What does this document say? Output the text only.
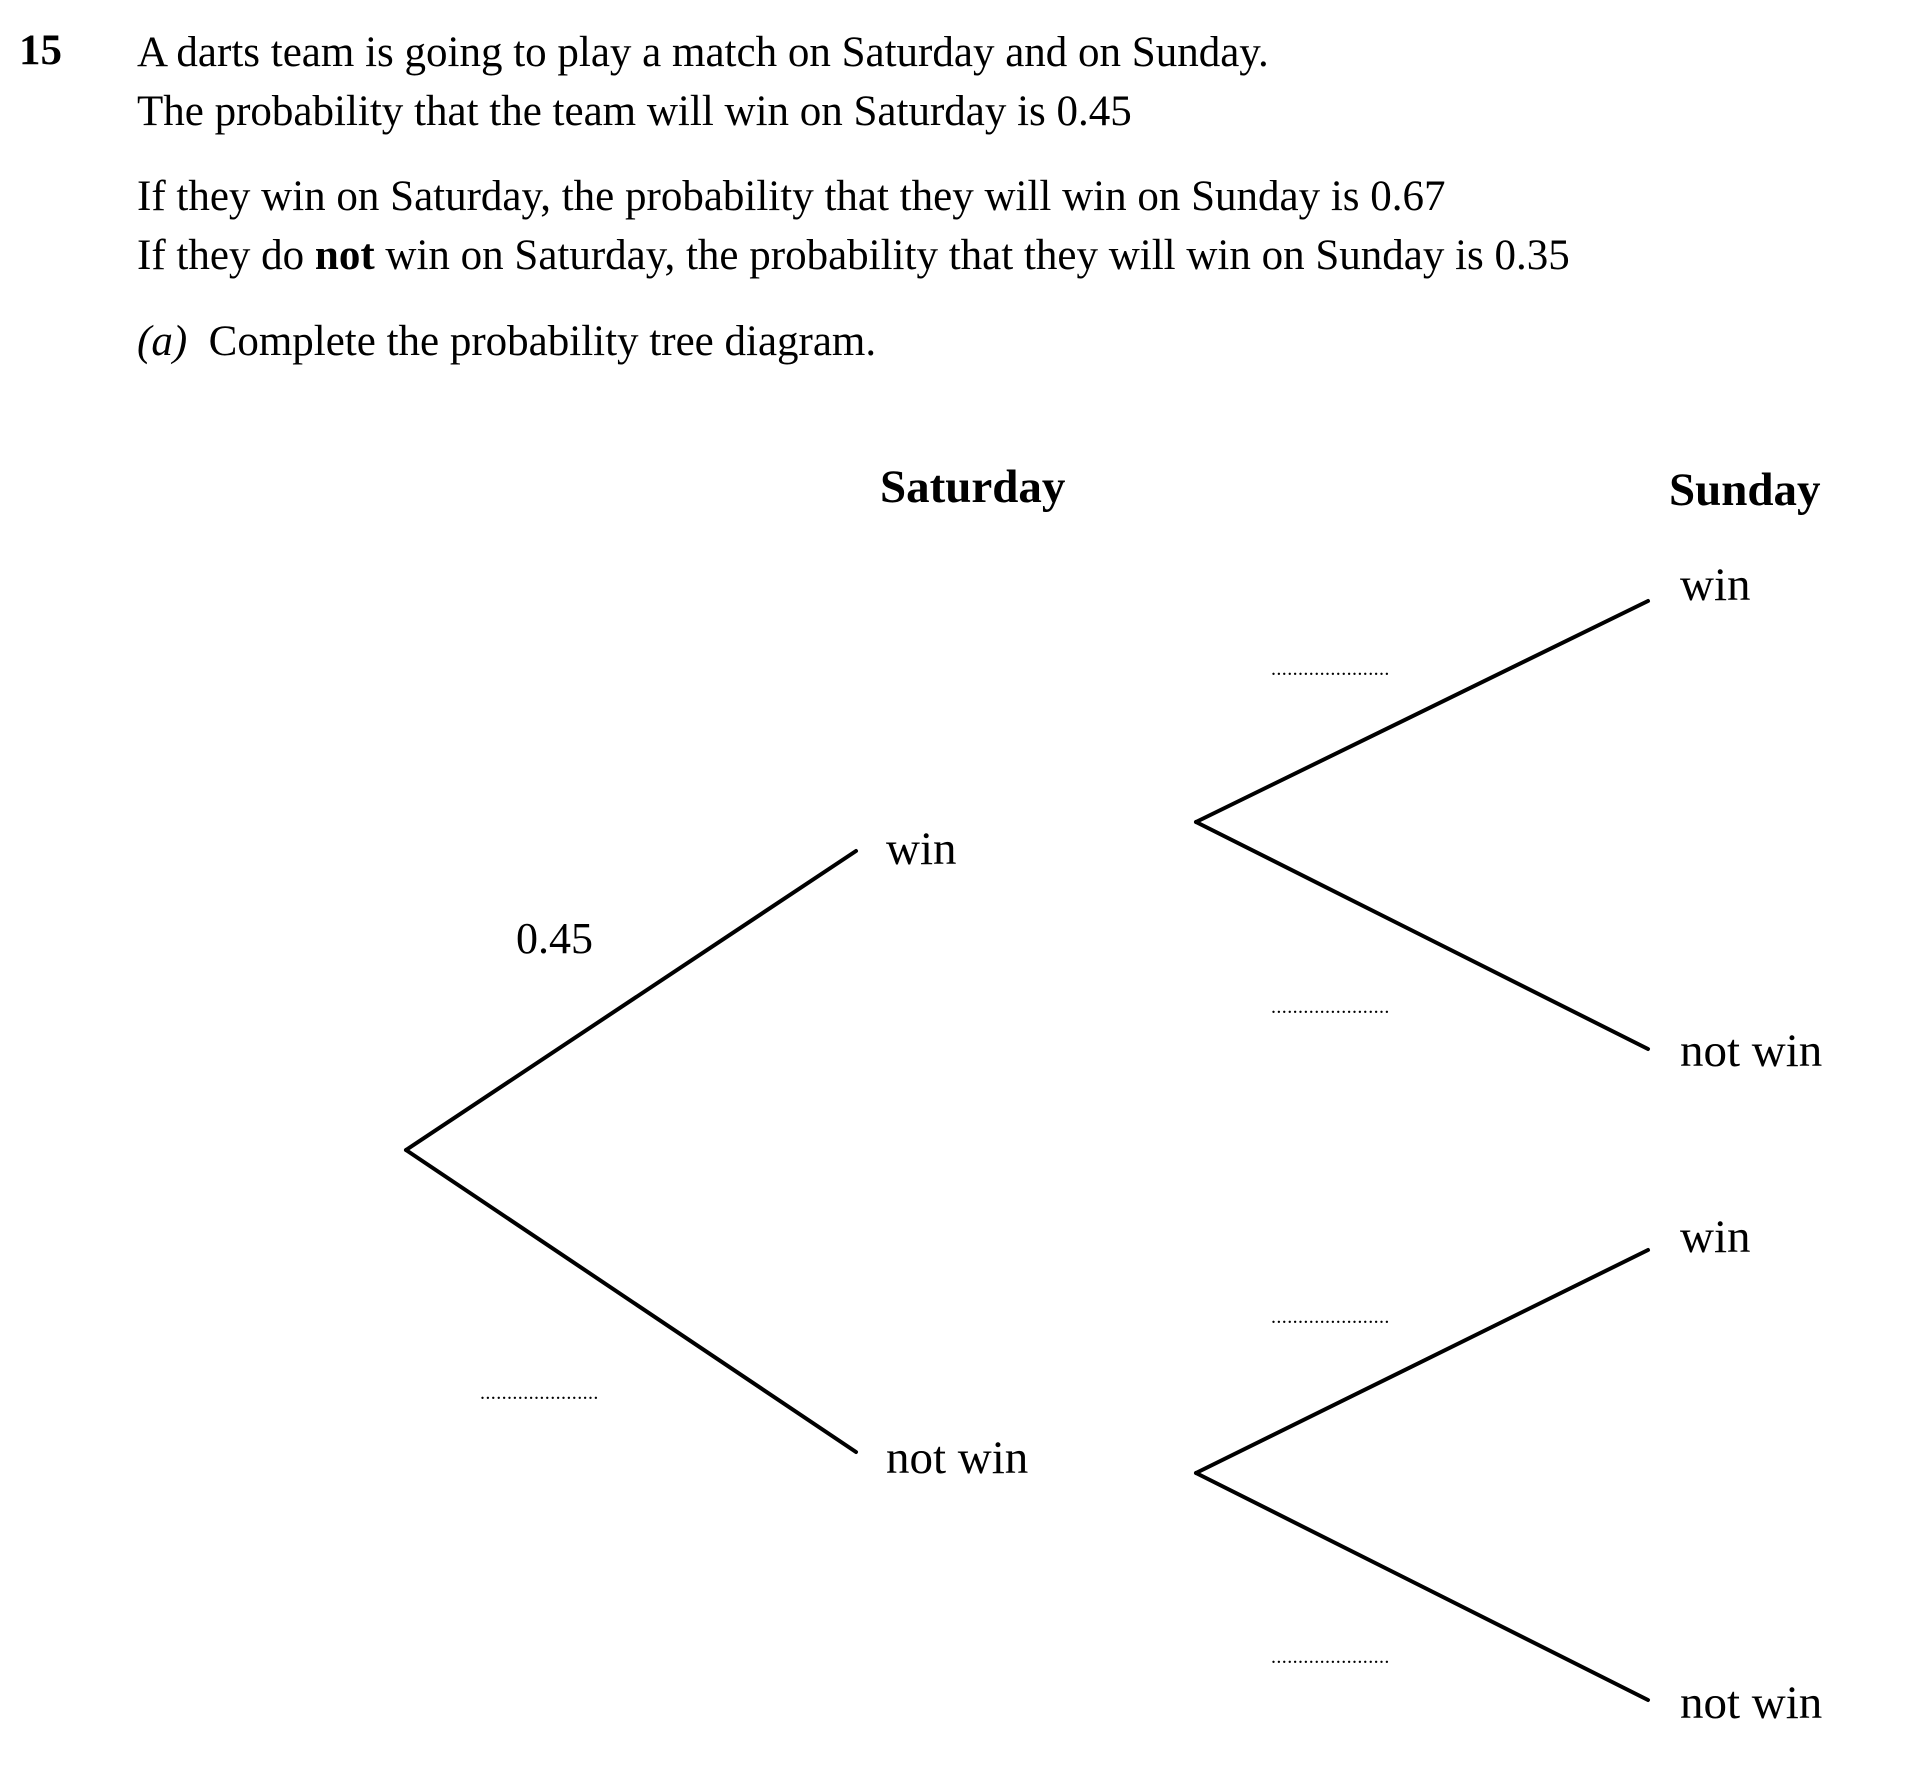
15 A darts team is going to play a match on Saturday and on Sunday.
The probability that the team will win on Saturday is 0.45
If they win on Saturday, the probability that they will win on Sunday is 0.67
If they do not win on Saturday, the probability that they will win on Sunday is 0.35
(a) Complete the probability tree diagram.
Saturday	Sunday
win
not win
win
not win
win
not win
0.45
......................
......................
......................
......................
......................
